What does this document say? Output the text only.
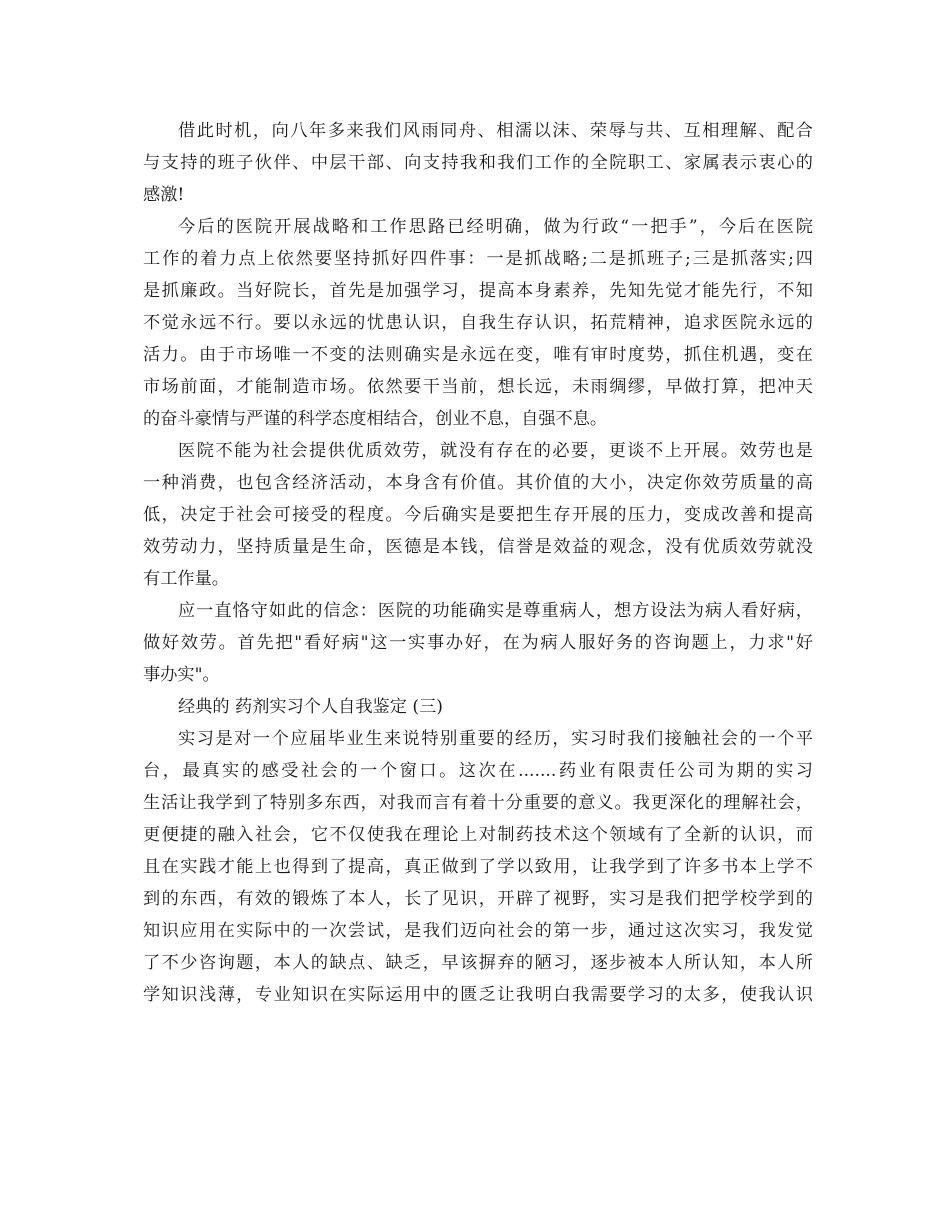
借此时机，向八年多来我们风雨同舟、相濡以沫、荣辱与共、互相理解、配合
与支持的班子伙伴、中层干部、向支持我和我们工作的全院职工、家属表示衷心的
感激!
今后的医院开展战略和工作思路已经明确，做为行政“一把手”，今后在医院
工作的着力点上依然要坚持抓好四件事：一是抓战略;二是抓班子;三是抓落实;四
是抓廉政。当好院长，首先是加强学习，提高本身素养，先知先觉才能先行，不知
不觉永远不行。要以永远的忧患认识，自我生存认识，拓荒精神，追求医院永远的
活力。由于市场唯一不变的法则确实是永远在变，唯有审时度势，抓住机遇，变在
市场前面，才能制造市场。依然要干当前，想长远，未雨绸缪，早做打算，把冲天
的奋斗豪情与严谨的科学态度相结合，创业不息，自强不息。
医院不能为社会提供优质效劳，就没有存在的必要，更谈不上开展。效劳也是
一种消费，也包含经济活动，本身含有价值。其价值的大小，决定你效劳质量的高
低，决定于社会可接受的程度。今后确实是要把生存开展的压力，变成改善和提高
效劳动力，坚持质量是生命，医德是本钱，信誉是效益的观念，没有优质效劳就没
有工作量。
应一直恪守如此的信念：医院的功能确实是尊重病人，想方设法为病人看好病，
做好效劳。首先把"看好病"这一实事办好，在为病人服好务的咨询题上，力求"好
事办实"。
经典的 药剂实习个人自我鉴定 (三)
实习是对一个应届毕业生来说特别重要的经历，实习时我们接触社会的一个平
台，最真实的感受社会的一个窗口。这次在.......药业有限责任公司为期的实习
生活让我学到了特别多东西，对我而言有着十分重要的意义。我更深化的理解社会，
更便捷的融入社会，它不仅使我在理论上对制药技术这个领域有了全新的认识，而
且在实践才能上也得到了提高，真正做到了学以致用，让我学到了许多书本上学不
到的东西，有效的锻炼了本人，长了见识，开辟了视野，实习是我们把学校学到的
知识应用在实际中的一次尝试，是我们迈向社会的第一步，通过这次实习，我发觉
了不少咨询题，本人的缺点、缺乏，早该摒弃的陋习，逐步被本人所认知，本人所
学知识浅薄，专业知识在实际运用中的匮乏让我明白我需要学习的太多，使我认识
